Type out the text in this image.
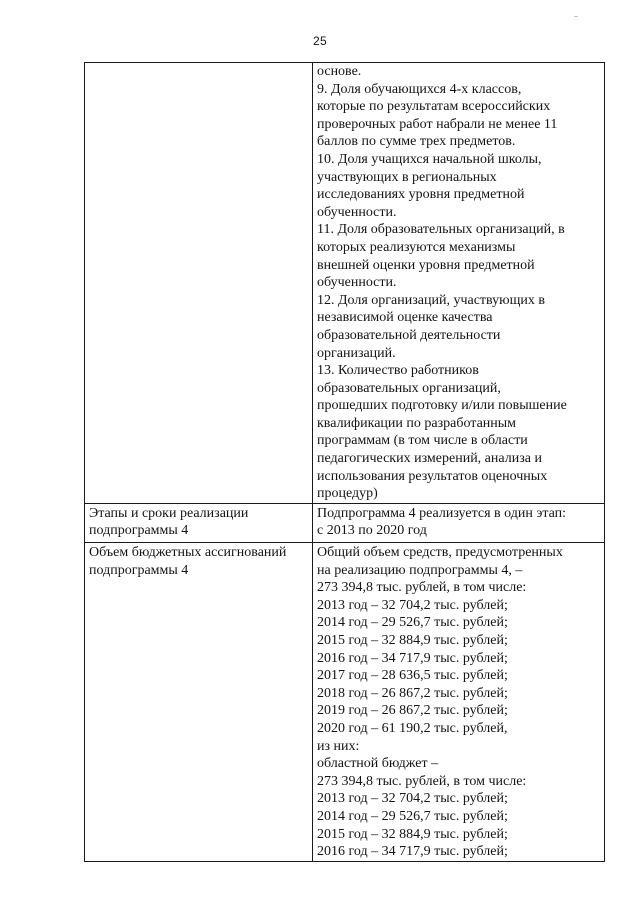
25
основе.
9. Доля обучающихся 4-х классов,
которые по результатам всероссийских
проверочных работ набрали не менее 11
баллов по сумме трех предметов.
10. Доля учащихся начальной школы,
участвующих в региональных
исследованиях уровня предметной
обученности.
11. Доля образовательных организаций, в
которых реализуются механизмы
внешней оценки уровня предметной
обученности.
12. Доля организаций, участвующих в
независимой оценке качества
образовательной деятельности
организаций.
13. Количество работников
образовательных организаций,
прошедших подготовку и/или повышение
квалификации по разработанным
программам (в том числе в области
педагогических измерений, анализа и
использования результатов оценочных
процедур)
Этапы и сроки реализации
подпрограммы 4
Подпрограмма 4 реализуется в один этап:
с 2013 по 2020 год
Объем бюджетных ассигнований
подпрограммы 4
Общий объем средств, предусмотренных
на реализацию подпрограммы 4, –
273 394,8 тыс. рублей, в том числе:
2013 год – 32 704,2 тыс. рублей;
2014 год – 29 526,7 тыс. рублей;
2015 год – 32 884,9 тыс. рублей;
2016 год – 34 717,9 тыс. рублей;
2017 год – 28 636,5 тыс. рублей;
2018 год – 26 867,2 тыс. рублей;
2019 год – 26 867,2 тыс. рублей;
2020 год – 61 190,2 тыс. рублей,
из них:
областной бюджет –
273 394,8 тыс. рублей, в том числе:
2013 год – 32 704,2 тыс. рублей;
2014 год – 29 526,7 тыс. рублей;
2015 год – 32 884,9 тыс. рублей;
2016 год – 34 717,9 тыс. рублей;
